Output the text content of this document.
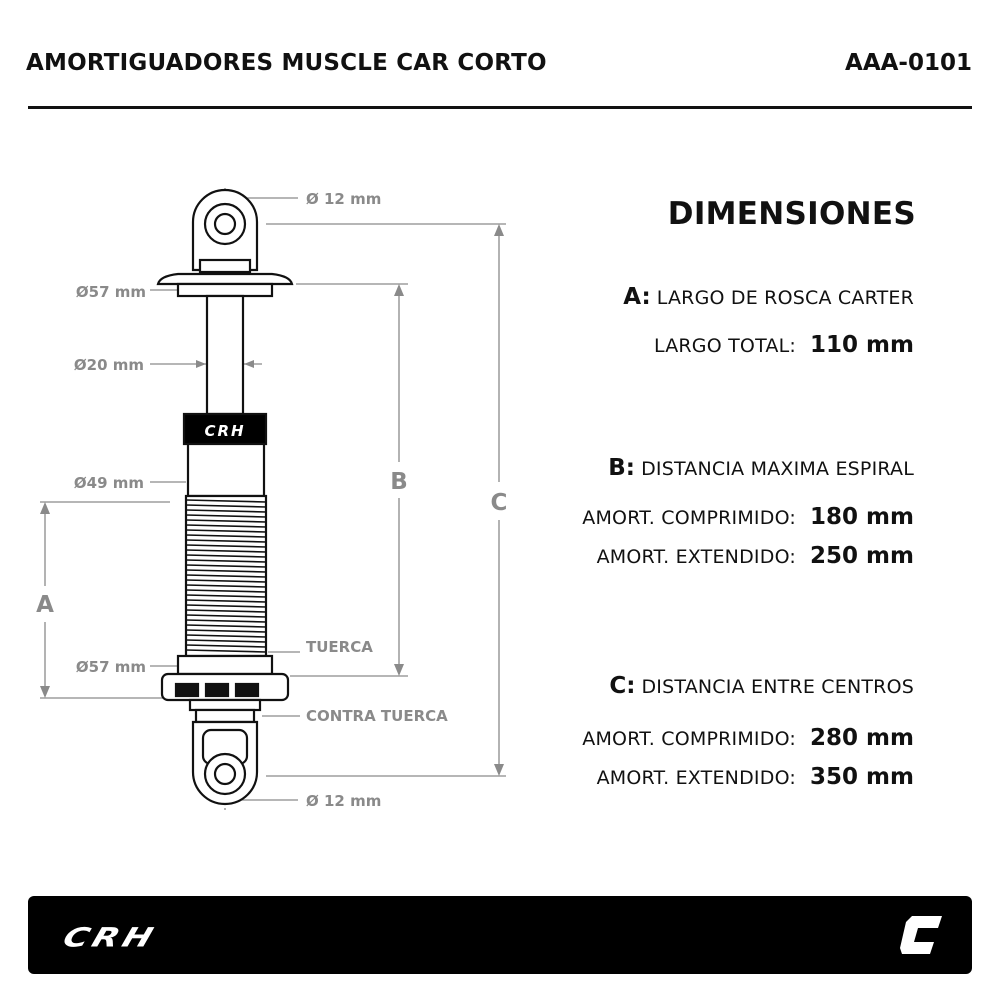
AMORTIGUADORES MUSCLE CAR CORTO	AAA-0101
CRH
Ø 12 mm
Ø57 mm
Ø20 mm
Ø49 mm
Ø57 mm
TUERCA
CONTRA TUERCA
Ø 12 mm
C
B
A
DIMENSIONES
A: LARGO DE ROSCA CARTER
LARGO TOTAL: 110 mm
B: DISTANCIA MAXIMA ESPIRAL
AMORT. COMPRIMIDO: 180 mm
AMORT. EXTENDIDO: 250 mm
C: DISTANCIA ENTRE CENTROS
AMORT. COMPRIMIDO: 280 mm
AMORT. EXTENDIDO: 350 mm
CRH
